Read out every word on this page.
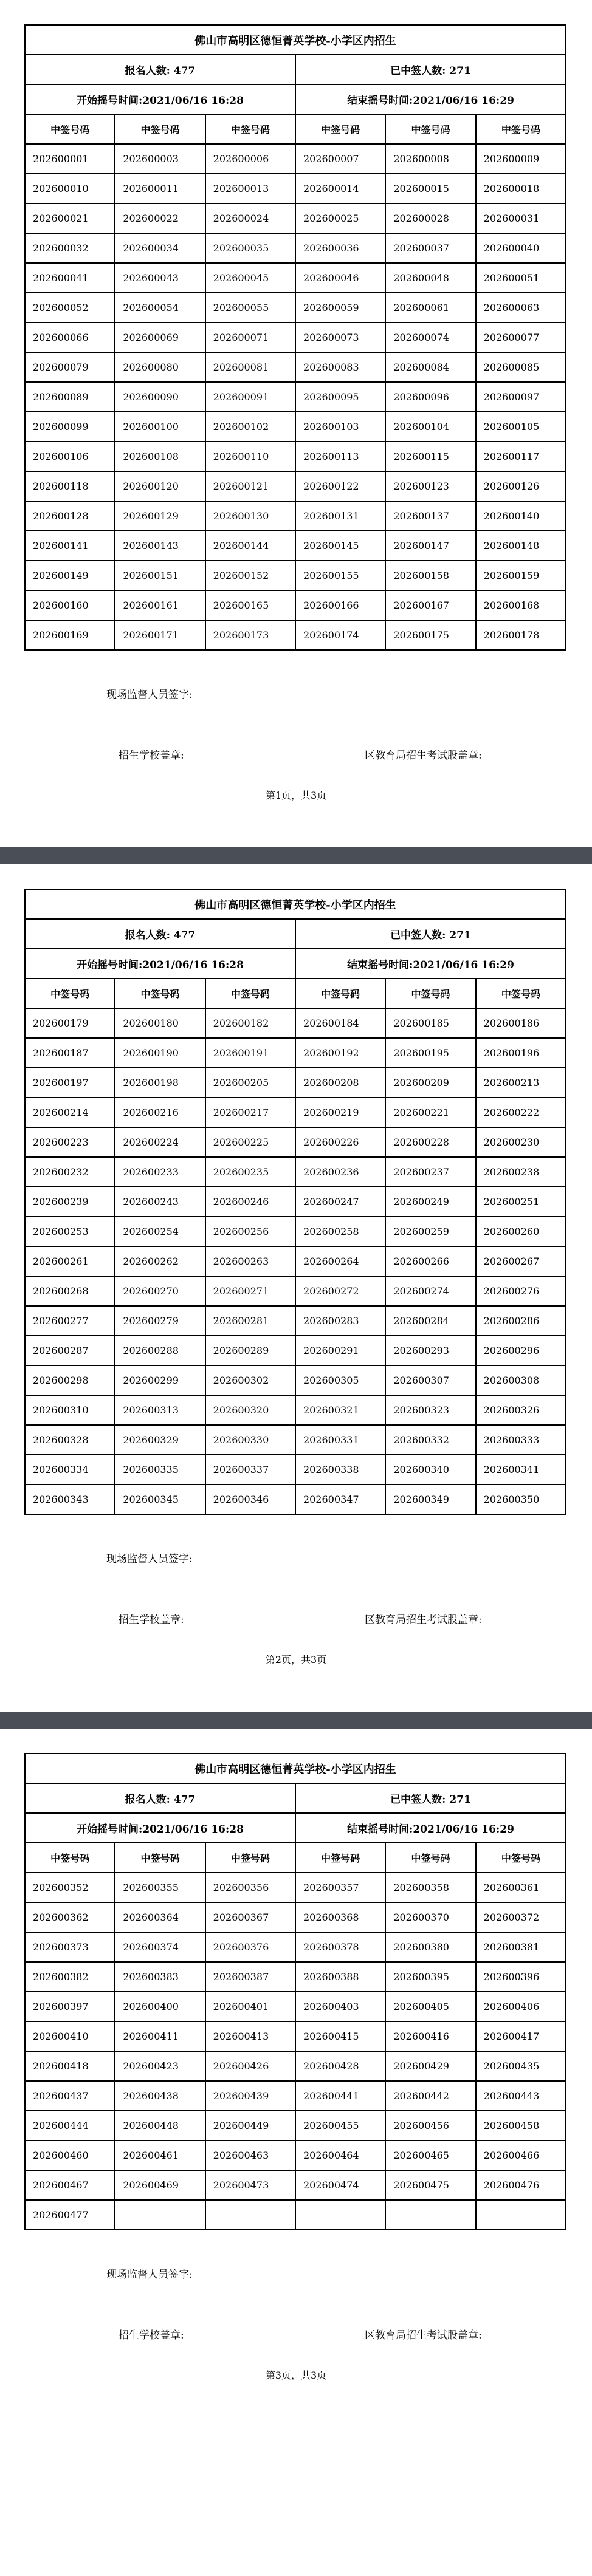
佛山市高明区德恒菁英学校-小学区内招生					
报名人数: 477			已中签人数: 271		
开始摇号时间:2021/06/16 16:28			结束摇号时间:2021/06/16 16:29		
中签号码	中签号码	中签号码	中签号码	中签号码	中签号码
202600001	202600003	202600006	202600007	202600008	202600009
202600010	202600011	202600013	202600014	202600015	202600018
202600021	202600022	202600024	202600025	202600028	202600031
202600032	202600034	202600035	202600036	202600037	202600040
202600041	202600043	202600045	202600046	202600048	202600051
202600052	202600054	202600055	202600059	202600061	202600063
202600066	202600069	202600071	202600073	202600074	202600077
202600079	202600080	202600081	202600083	202600084	202600085
202600089	202600090	202600091	202600095	202600096	202600097
202600099	202600100	202600102	202600103	202600104	202600105
202600106	202600108	202600110	202600113	202600115	202600117
202600118	202600120	202600121	202600122	202600123	202600126
202600128	202600129	202600130	202600131	202600137	202600140
202600141	202600143	202600144	202600145	202600147	202600148
202600149	202600151	202600152	202600155	202600158	202600159
202600160	202600161	202600165	202600166	202600167	202600168
202600169	202600171	202600173	202600174	202600175	202600178
现场监督人员签字:
招生学校盖章:	区教育局招生考试股盖章:
第1页，共3页
佛山市高明区德恒菁英学校-小学区内招生					
报名人数: 477			已中签人数: 271		
开始摇号时间:2021/06/16 16:28			结束摇号时间:2021/06/16 16:29		
中签号码	中签号码	中签号码	中签号码	中签号码	中签号码
202600179	202600180	202600182	202600184	202600185	202600186
202600187	202600190	202600191	202600192	202600195	202600196
202600197	202600198	202600205	202600208	202600209	202600213
202600214	202600216	202600217	202600219	202600221	202600222
202600223	202600224	202600225	202600226	202600228	202600230
202600232	202600233	202600235	202600236	202600237	202600238
202600239	202600243	202600246	202600247	202600249	202600251
202600253	202600254	202600256	202600258	202600259	202600260
202600261	202600262	202600263	202600264	202600266	202600267
202600268	202600270	202600271	202600272	202600274	202600276
202600277	202600279	202600281	202600283	202600284	202600286
202600287	202600288	202600289	202600291	202600293	202600296
202600298	202600299	202600302	202600305	202600307	202600308
202600310	202600313	202600320	202600321	202600323	202600326
202600328	202600329	202600330	202600331	202600332	202600333
202600334	202600335	202600337	202600338	202600340	202600341
202600343	202600345	202600346	202600347	202600349	202600350
现场监督人员签字:
招生学校盖章:	区教育局招生考试股盖章:
第2页，共3页
佛山市高明区德恒菁英学校-小学区内招生					
报名人数: 477			已中签人数: 271		
开始摇号时间:2021/06/16 16:28			结束摇号时间:2021/06/16 16:29		
中签号码	中签号码	中签号码	中签号码	中签号码	中签号码
202600352	202600355	202600356	202600357	202600358	202600361
202600362	202600364	202600367	202600368	202600370	202600372
202600373	202600374	202600376	202600378	202600380	202600381
202600382	202600383	202600387	202600388	202600395	202600396
202600397	202600400	202600401	202600403	202600405	202600406
202600410	202600411	202600413	202600415	202600416	202600417
202600418	202600423	202600426	202600428	202600429	202600435
202600437	202600438	202600439	202600441	202600442	202600443
202600444	202600448	202600449	202600455	202600456	202600458
202600460	202600461	202600463	202600464	202600465	202600466
202600467	202600469	202600473	202600474	202600475	202600476
202600477					
现场监督人员签字:
招生学校盖章:	区教育局招生考试股盖章:
第3页，共3页
